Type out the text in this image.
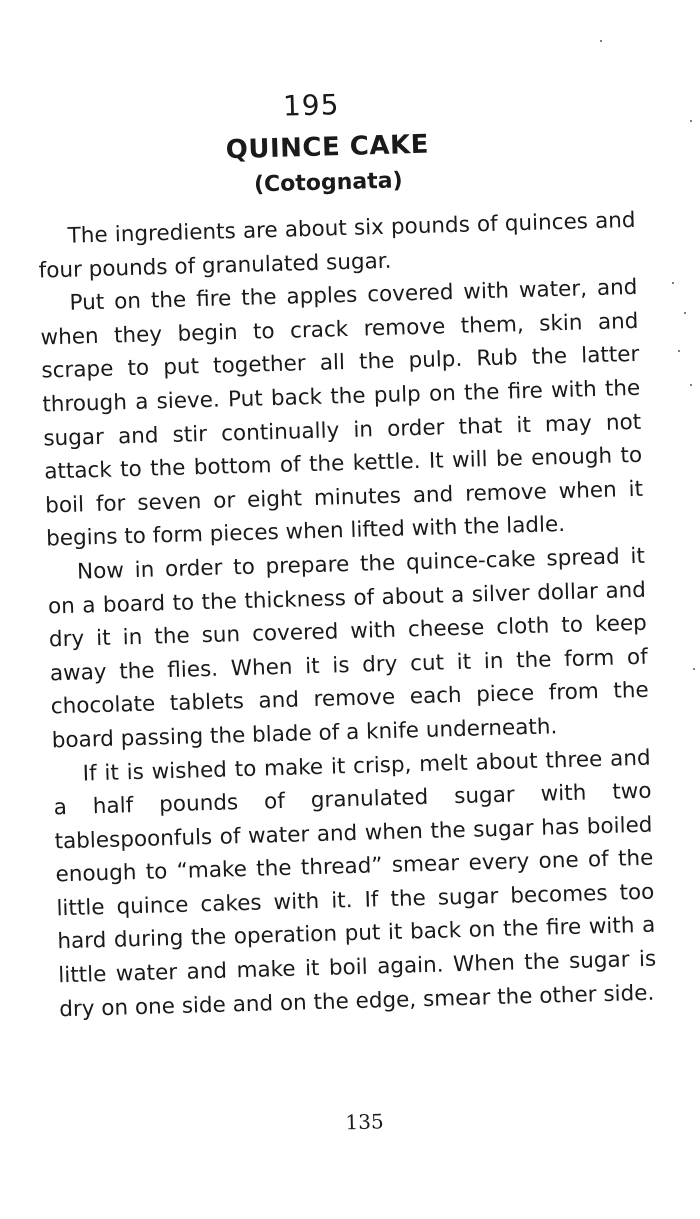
195
QUINCE CAKE
(Cotognata)

The ingredients are about six pounds of quinces and four pounds of granulated sugar.

Put on the fire the apples covered with water, and when they begin to crack remove them, skin and scrape to put together all the pulp. Rub the latter through a sieve. Put back the pulp on the fire with the sugar and stir continually in order that it may not attack to the bottom of the kettle. It will be enough to boil for seven or eight minutes and remove when it begins to form pieces when lifted with the ladle.

Now in order to prepare the quince-cake spread it on a board to the thickness of about a silver dollar and dry it in the sun covered with cheese cloth to keep away the flies. When it is dry cut it in the form of chocolate tablets and remove each piece from the board passing the blade of a knife underneath.

If it is wished to make it crisp, melt about three and a half pounds of granulated sugar with two tablespoonfuls of water and when the sugar has boiled enough to “make the thread” smear every one of the little quince cakes with it. If the sugar becomes too hard during the operation put it back on the fire with a little water and make it boil again. When the sugar is dry on one side and on the edge, smear the other side.

135
